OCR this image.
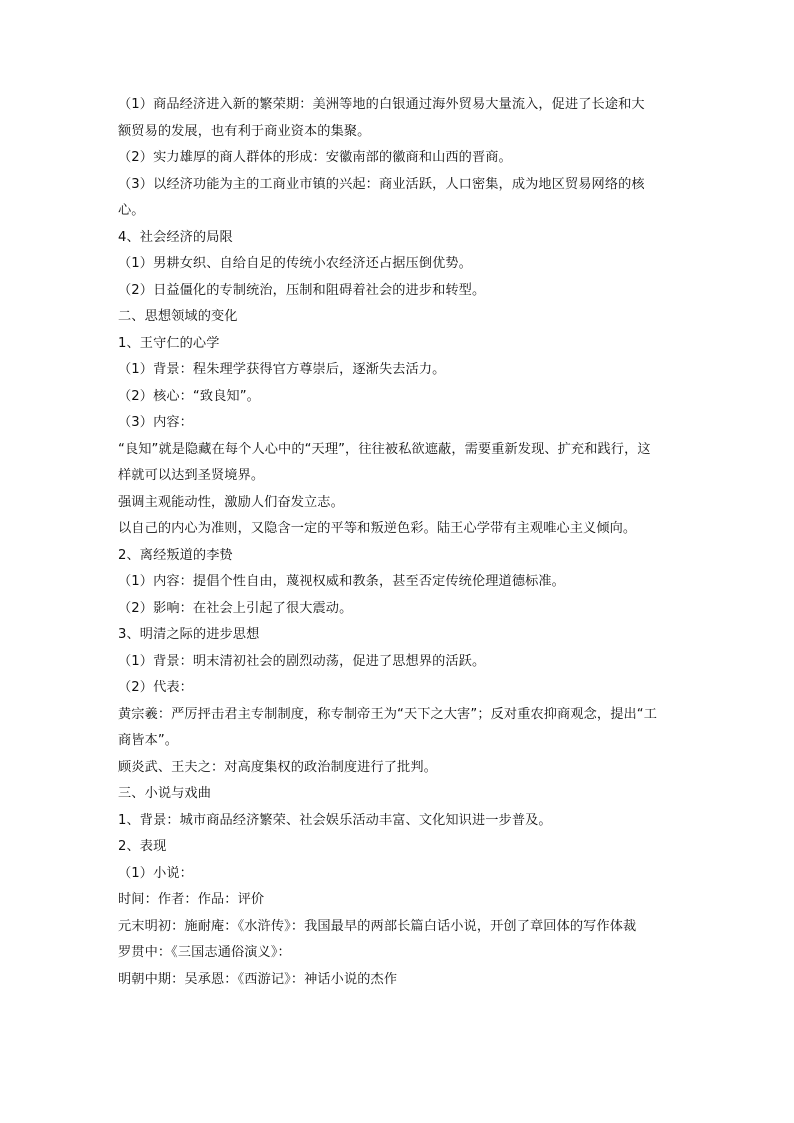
（1）商品经济进入新的繁荣期：美洲等地的白银通过海外贸易大量流入，促进了长途和大
额贸易的发展，也有利于商业资本的集聚。
（2）实力雄厚的商人群体的形成：安徽南部的徽商和山西的晋商。
（3）以经济功能为主的工商业市镇的兴起：商业活跃，人口密集，成为地区贸易网络的核
心。
4、社会经济的局限
（1）男耕女织、自给自足的传统小农经济还占据压倒优势。
（2）日益僵化的专制统治，压制和阻碍着社会的进步和转型。
二、思想领域的变化
1、王守仁的心学
（1）背景：程朱理学获得官方尊崇后，逐渐失去活力。
（2）核心：“致良知”。
（3）内容：
“良知”就是隐藏在每个人心中的“天理”，往往被私欲遮蔽，需要重新发现、扩充和践行，这
样就可以达到圣贤境界。
强调主观能动性，激励人们奋发立志。
以自己的内心为准则，又隐含一定的平等和叛逆色彩。陆王心学带有主观唯心主义倾向。
2、离经叛道的李贽
（1）内容：提倡个性自由，蔑视权威和教条，甚至否定传统伦理道德标准。
（2）影响：在社会上引起了很大震动。
3、明清之际的进步思想
（1）背景：明末清初社会的剧烈动荡，促进了思想界的活跃。
（2）代表：
黄宗羲：严厉抨击君主专制制度，称专制帝王为“天下之大害”；反对重农抑商观念，提出“工
商皆本”。
顾炎武、王夫之：对高度集权的政治制度进行了批判。
三、小说与戏曲
1、背景：城市商品经济繁荣、社会娱乐活动丰富、文化知识进一步普及。
2、表现
（1）小说：
时间：作者：作品：评价
元末明初：施耐庵：《水浒传》：我国最早的两部长篇白话小说，开创了章回体的写作体裁
罗贯中：《三国志通俗演义》：
明朝中期：吴承恩：《西游记》：神话小说的杰作
